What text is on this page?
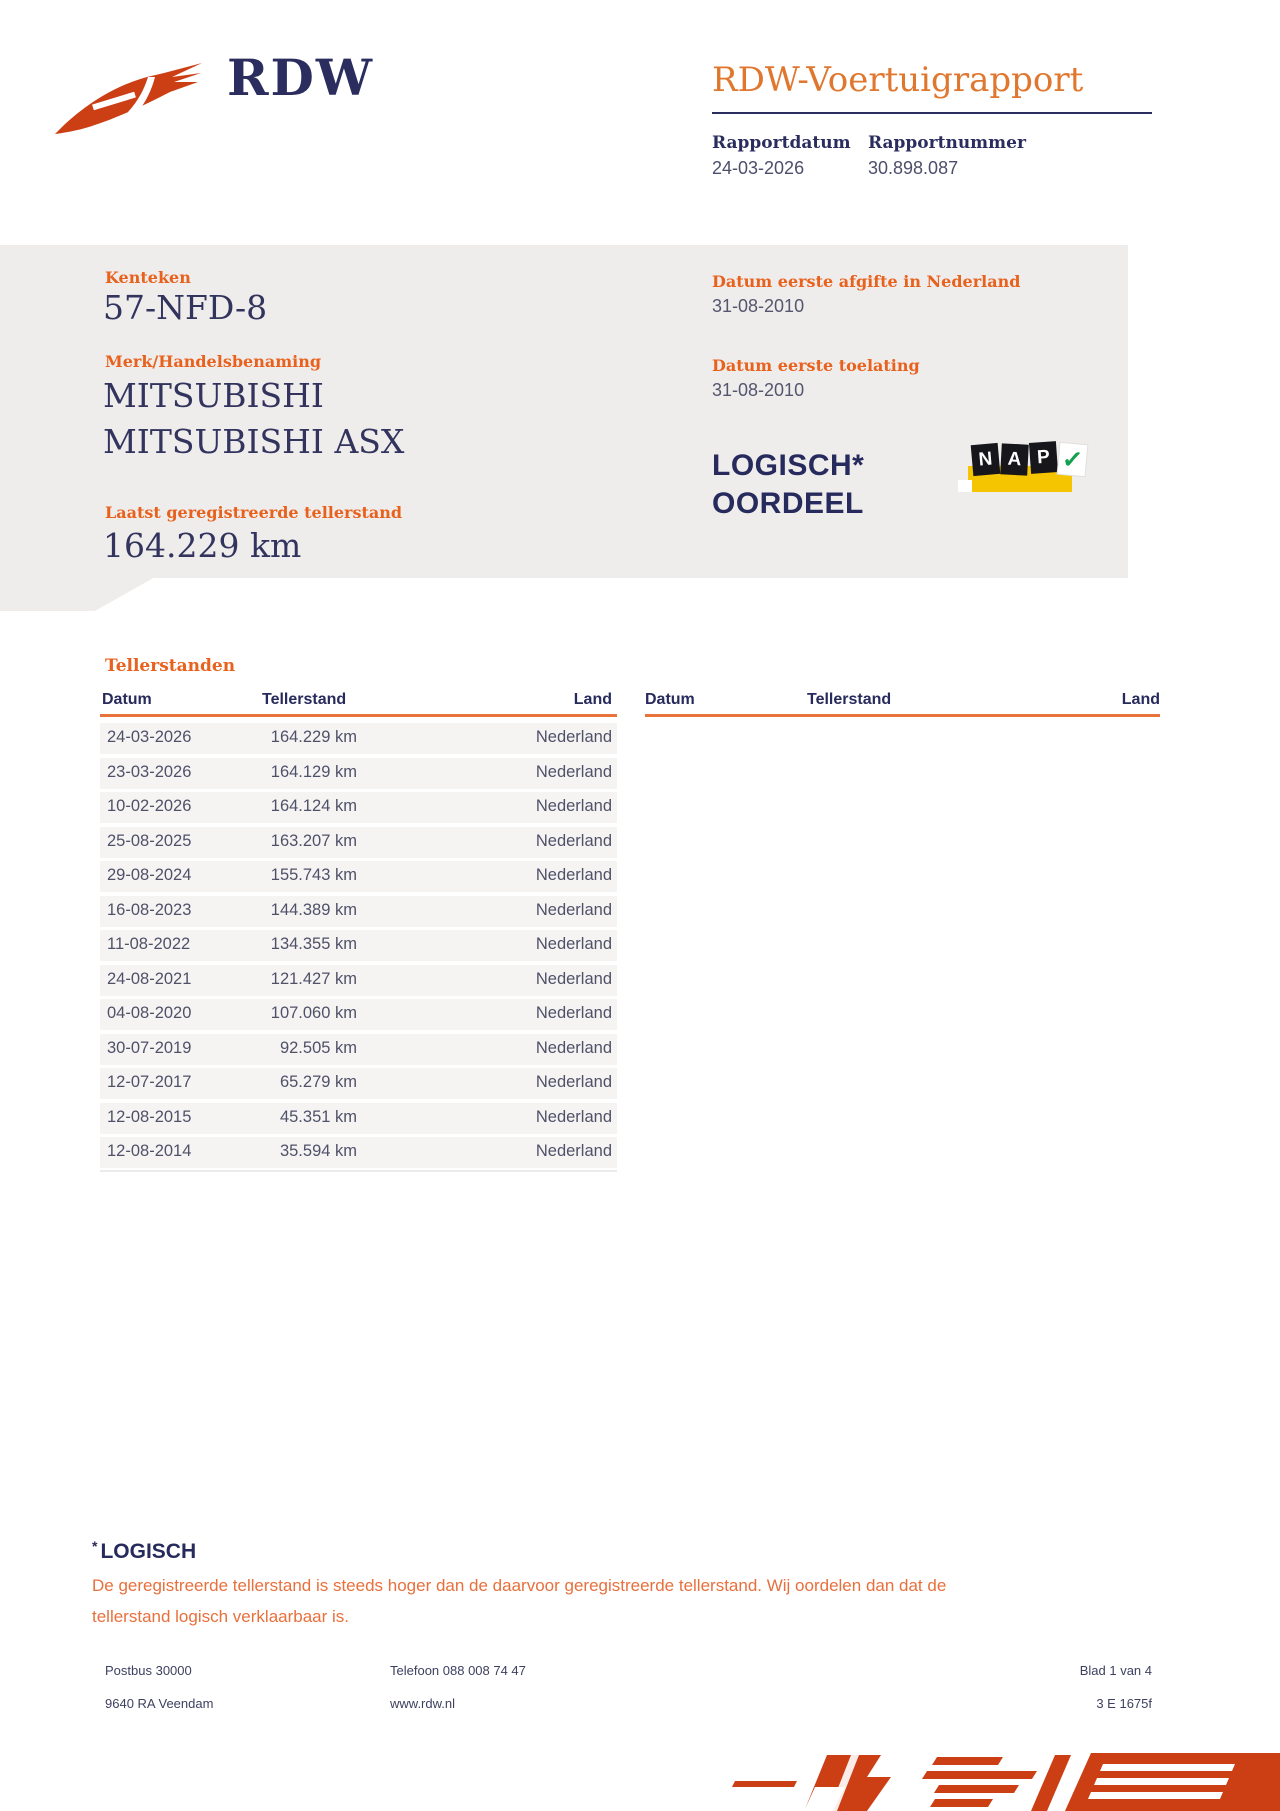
RDW	RDW-Voertuigrapport
Rapportdatum
24-03-2026
Rapportnummer
30.898.087
Kenteken
57-NFD-8
Merk/Handelsbenaming
MITSUBISHI
MITSUBISHI ASX
Laatst geregistreerde tellerstand
164.229 km
Datum eerste afgifte in Nederland
31-08-2010
Datum eerste toelating
31-08-2010
LOGISCH*
OORDEEL
N A P ✓
Tellerstanden
Datum	Tellerstand	Land
24-03-2026	164.229 km	Nederland
23-03-2026	164.129 km	Nederland
10-02-2026	164.124 km	Nederland
25-08-2025	163.207 km	Nederland
29-08-2024	155.743 km	Nederland
16-08-2023	144.389 km	Nederland
11-08-2022	134.355 km	Nederland
24-08-2021	121.427 km	Nederland
04-08-2020	107.060 km	Nederland
30-07-2019	92.505 km	Nederland
12-07-2017	65.279 km	Nederland
12-08-2015	45.351 km	Nederland
12-08-2014	35.594 km	Nederland
Datum	Tellerstand	Land
* LOGISCH
De geregistreerde tellerstand is steeds hoger dan de daarvoor geregistreerde tellerstand. Wij oordelen dan dat de tellerstand logisch verklaarbaar is.
Postbus 30000
9640 RA Veendam
Telefoon 088 008 74 47
www.rdw.nl
Blad 1 van 4
3 E 1675f
